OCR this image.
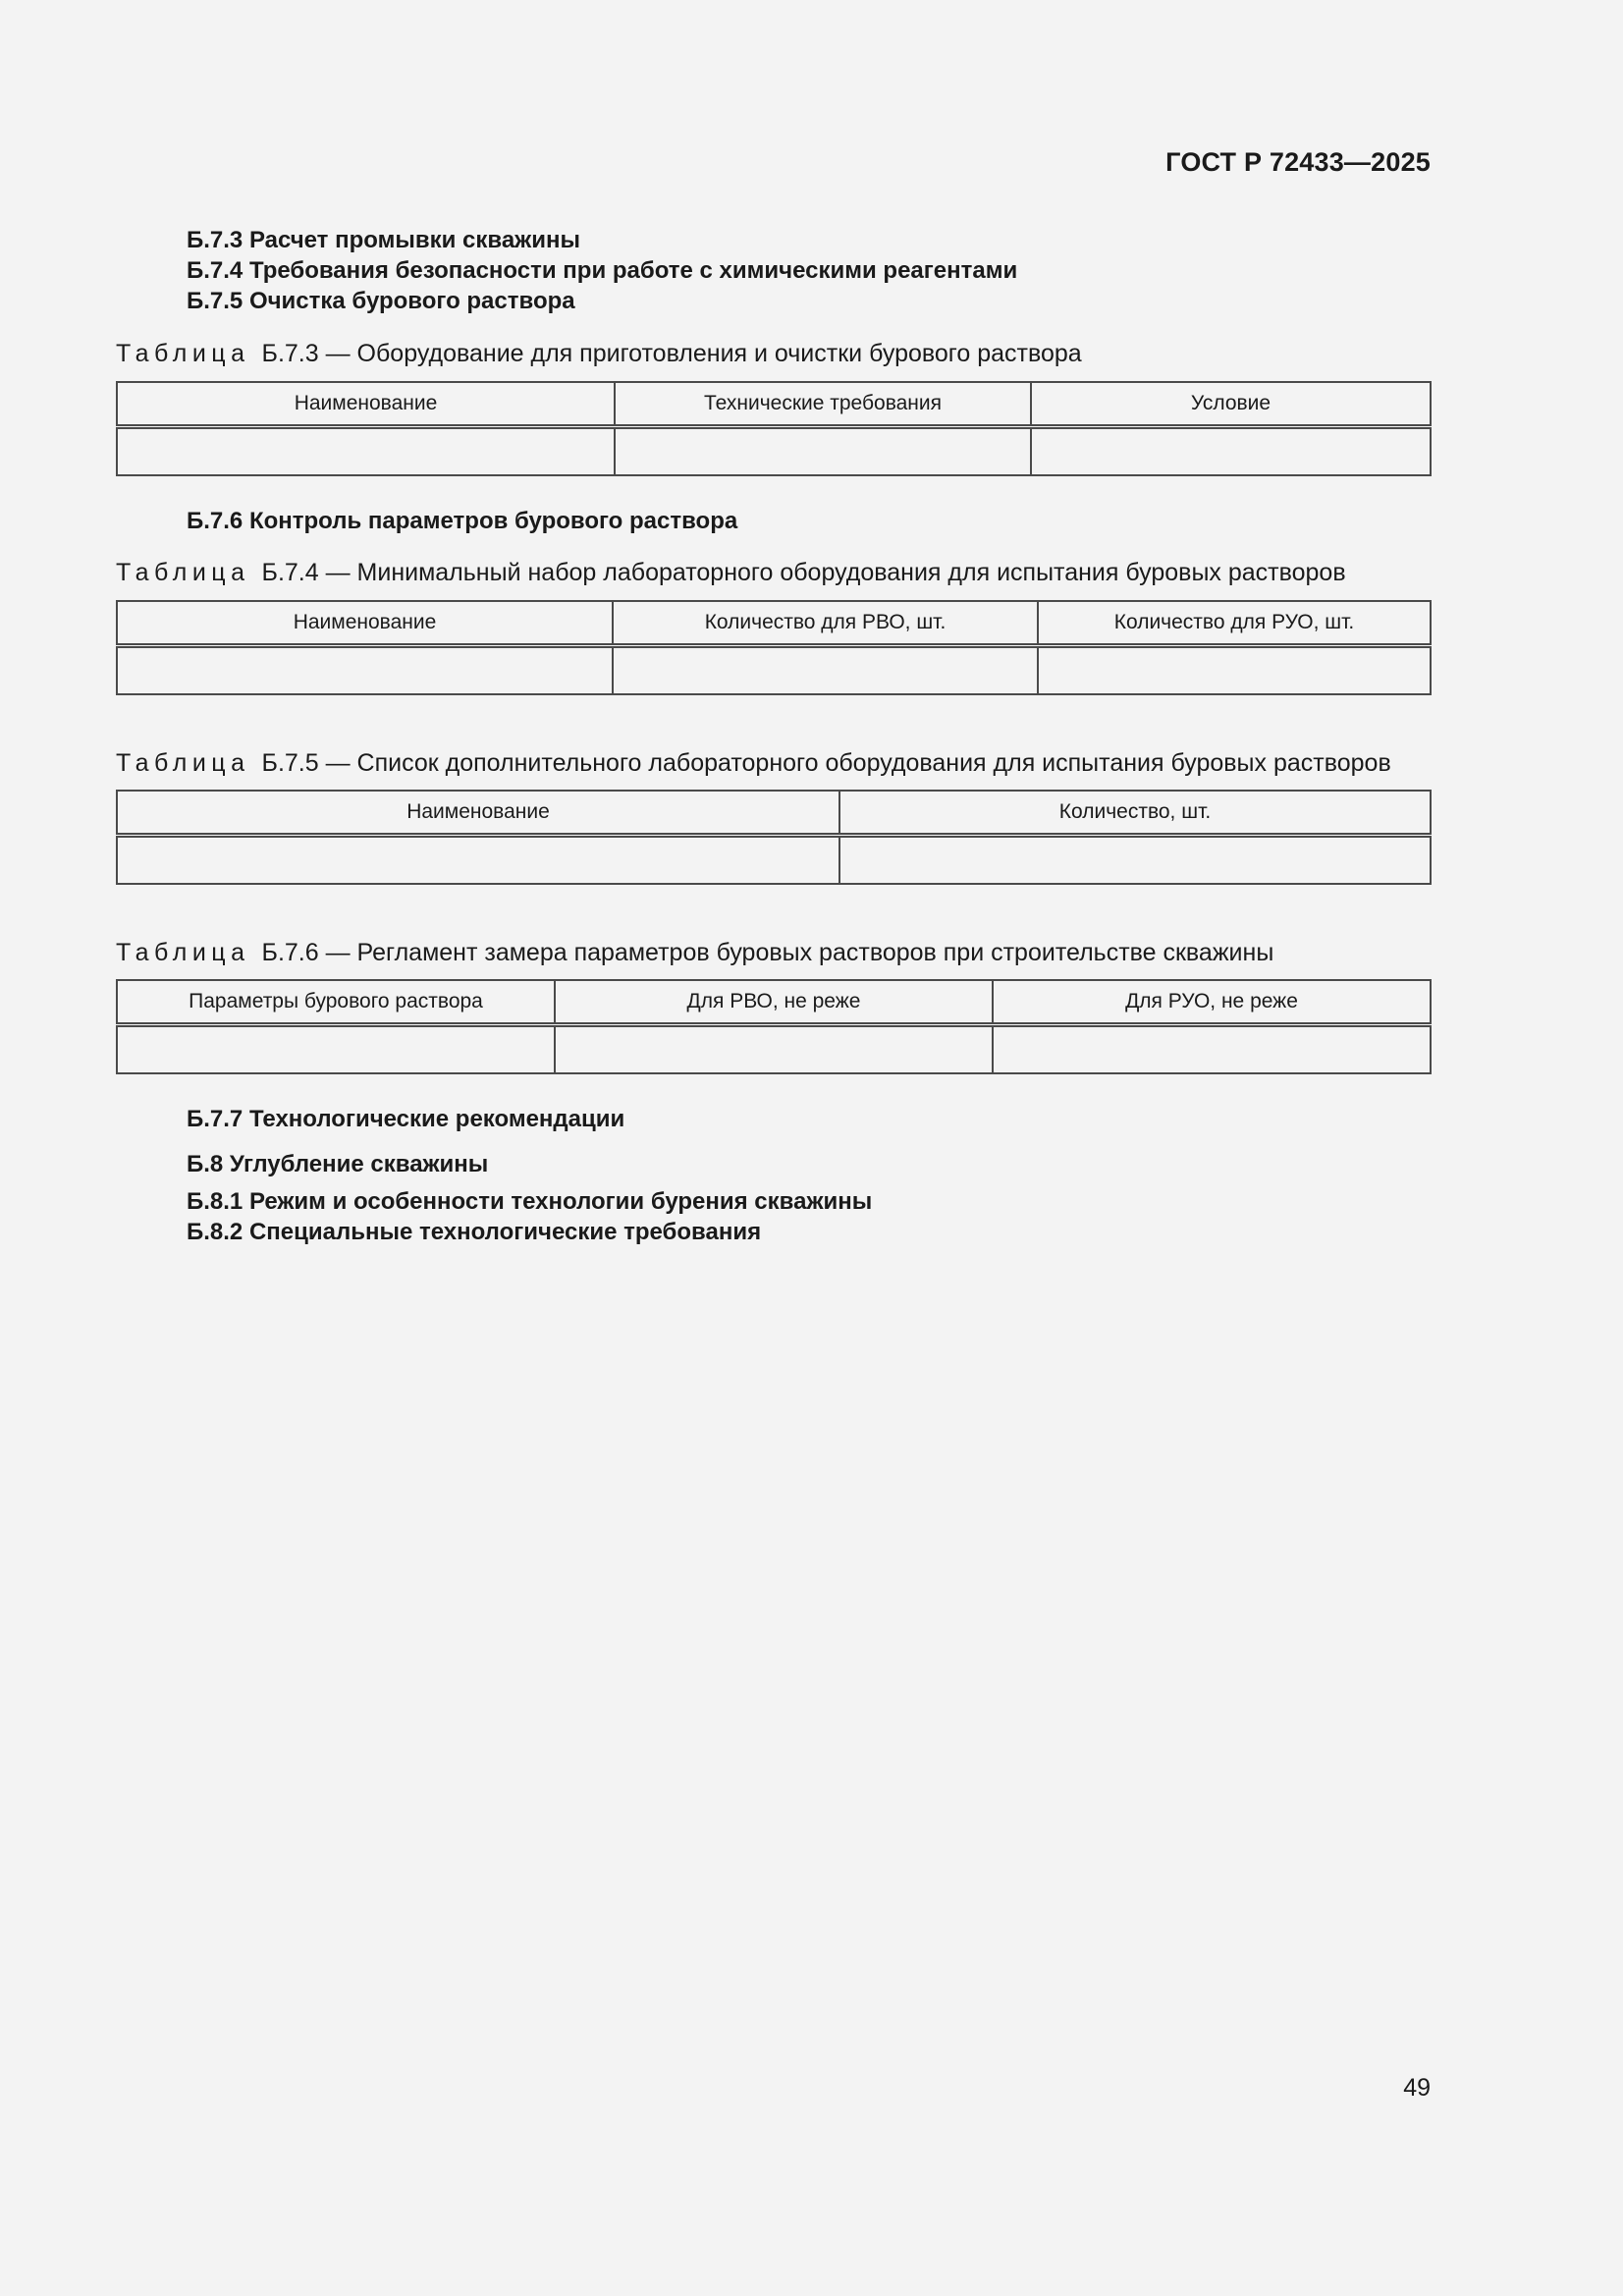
ГОСТ Р 72433—2025
Б.7.3 Расчет промывки скважины
Б.7.4 Требования безопасности при работе с химическими реагентами
Б.7.5 Очистка бурового раствора
Таблица Б.7.3 — Оборудование для приготовления и очистки бурового раствора
Наименование	Технические требования	Условие

Б.7.6 Контроль параметров бурового раствора
Таблица Б.7.4 — Минимальный набор лабораторного оборудования для испытания буровых растворов
Наименование	Количество для РВО, шт.	Количество для РУО, шт.

Таблица Б.7.5 — Список дополнительного лабораторного оборудования для испытания буровых растворов
Наименование	Количество, шт.

Таблица Б.7.6 — Регламент замера параметров буровых растворов при строительстве скважины
Параметры бурового раствора	Для РВО, не реже	Для РУО, не реже

Б.7.7 Технологические рекомендации
Б.8 Углубление скважины
Б.8.1 Режим и особенности технологии бурения скважины
Б.8.2 Специальные технологические требования
49
